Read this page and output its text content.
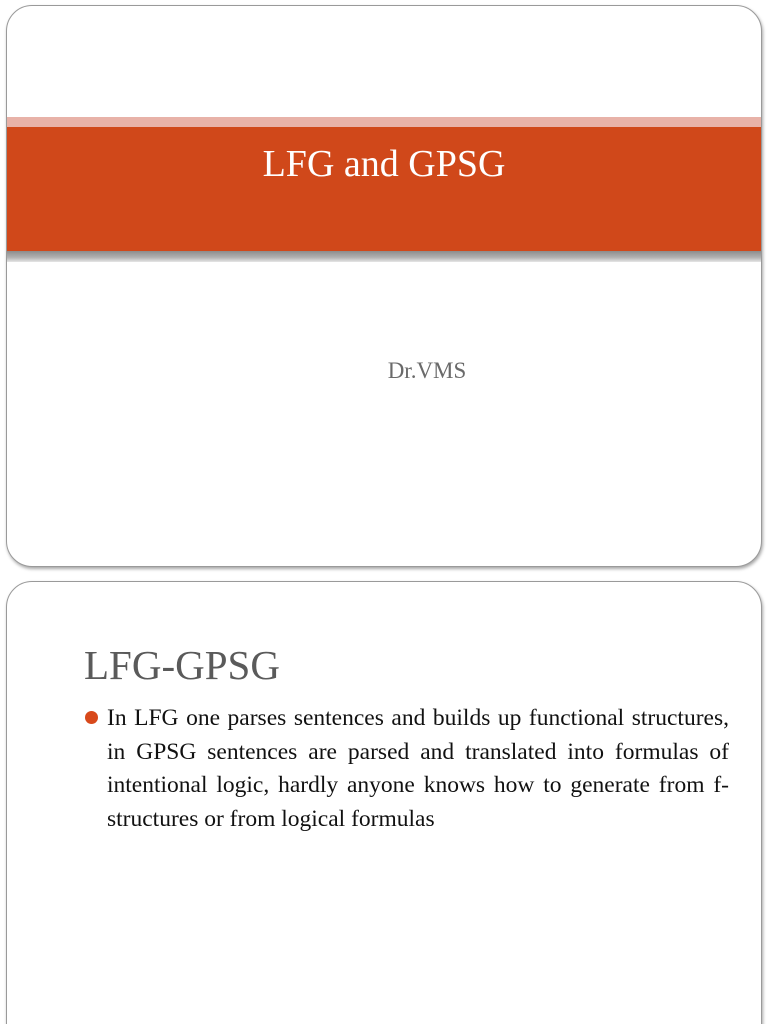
LFG and GPSG
Dr.VMS
LFG-GPSG
In LFG one parses sentences and builds up functional structures, in GPSG sentences are parsed and translated into formulas of intentional logic, hardly anyone knows how to generate from f-structures or from logical formulas
